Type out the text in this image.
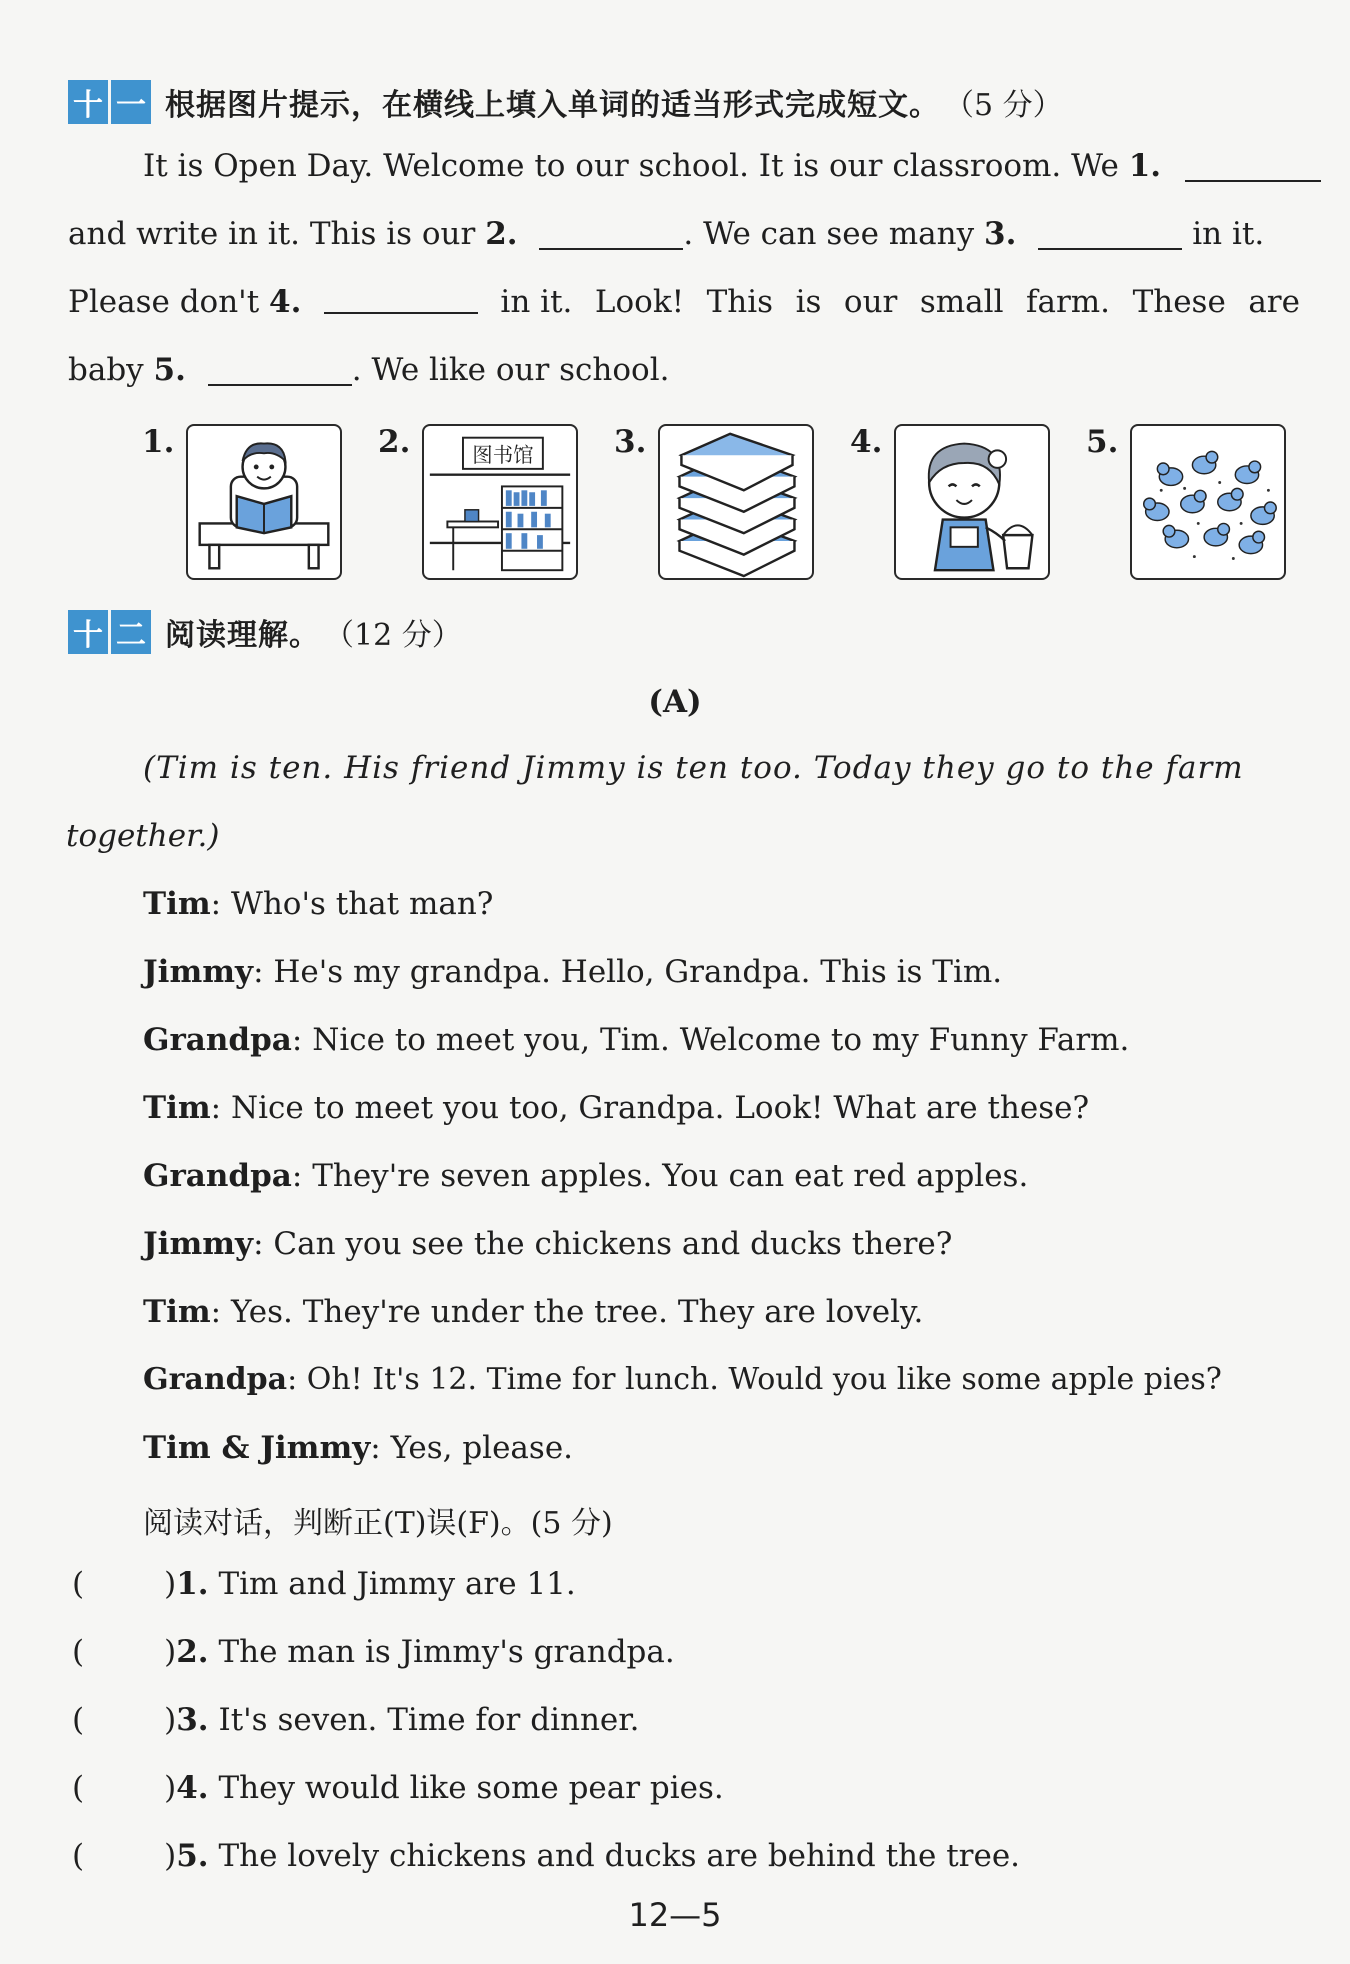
十 一 根据图片提示，在横线上填入单词的适当形式完成短文。 （5 分）
It is Open Day. Welcome to our school. It is our classroom. We 1.
and write in it. This is our 2.	. We can see many 3.	in it.
Please don't 4.	in it. Look! This is our small farm. These are
baby 5.	. We like our school.
1.	2.	图书馆	3.	4.	5.
十 二 阅读理解。 （12 分）
(A)
(Tim is ten. His friend Jimmy is ten too. Today they go to the farm
together.)
Tim: Who's that man?
Jimmy: He's my grandpa. Hello, Grandpa. This is Tim.
Grandpa: Nice to meet you, Tim. Welcome to my Funny Farm.
Tim: Nice to meet you too, Grandpa. Look! What are these?
Grandpa: They're seven apples. You can eat red apples.
Jimmy: Can you see the chickens and ducks there?
Tim: Yes. They're under the tree. They are lovely.
Grandpa: Oh! It's 12. Time for lunch. Would you like some apple pies?
Tim & Jimmy: Yes, please.
阅读对话，判断正(T)误(F)。(5 分)
(	)1. Tim and Jimmy are 11.
(	)2. The man is Jimmy's grandpa.
(	)3. It's seven. Time for dinner.
(	)4. They would like some pear pies.
(	)5. The lovely chickens and ducks are behind the tree.
12—5
